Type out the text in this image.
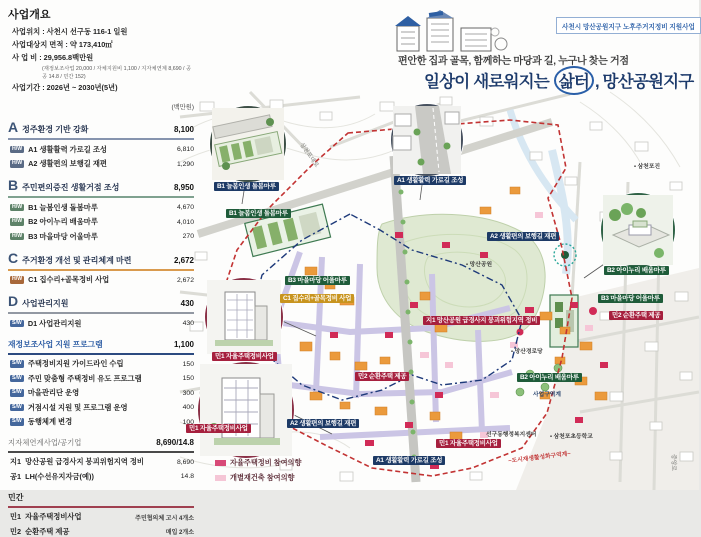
사업개요
사업위치 : 사천시 선구동 116-1 일원
사업대상지 면적 : 약 173,410㎡
사 업 비 : 29,956.8백만원
(재정보조사업 20,000 / 자체지원비 1,100 / 지자체연계 8,690 / 공공 14.8 / 민간 152)
사업기간 : 2026년 ~ 2030년(5년)
(백만원)
A 정주환경 기반 강화	8,100
H/W A1 생활활력 가로길 조성	6,810
H/W A2 생활편의 보행길 재편	1,290
B 주민편의증진 생활거점 조성	8,950
H/W B1 늘봄인생 돌봄마루	4,670
H/W B2 아이누리 배움마루	4,010
H/W B3 마을마당 어울마루	270
C 주거환경 개선 및 관리체계 마련	2,672
H/W C1 집수리+골목정비 사업	2,672
D 사업관리지원	430
S/W D1 사업관리지원	430
재정보조사업 지원 프로그램	1,100
S/W 주택정비지원 가이드라인 수립	150
S/W 주민 맞춤형 주택정비 유도 프로그램	150
S/W 마을관리단 운영	300
S/W 거점시설 지원 및 프로그램 운영	400
S/W 동행체계 변경	100
지자체연계사업/공기업	8,690/14.8
지1 망산공원 급경사지 붕괴위험지역 정비	8,690
공1 LH(수선유지자금(예))	14.8
민간
민1 자율주택정비사업	주민협의체 고시 4개소
민2 순환주택 제공	매입 2개소
사천시 망산공원지구 노후주거지정비 지원사업
편안한 집과 골목, 함께하는 마당과 길, 누구나 찾는 거점
일상이 새로워지는 삶터 , 망산공원지구
B1 늘봄인생 돌봄마루
A1 생활활력 가로길 조성
B2 아이누리 배움마루
민1 자율주택정비사업
민1 자율주택정비사업
B1 늘봄인생 돌봄마루
B3 마을마당 어울마루
C1 집수리+골목정비 사업
지1 망산공원 급경사지 붕괴위험지역 정비
민2 순환주택 제공
A2 생활편의 보행길 재편
A1 생활활력 가로길 조성
민1 자율주택정비사업
B3 마을마당 어울마루
민2 순환주택 제공
B2 아이누리 배움마루
A2 생활편의 보행길 재편
• 망산공원
• 망산경로당
선구동행정복지센터 • 삼천포초등학교
• 삼천포진
사업구역계
~도시재생활성화구역계~
삼천포대로
중앙로
자율주택정비 참여의향
개별재건축 참여의향
